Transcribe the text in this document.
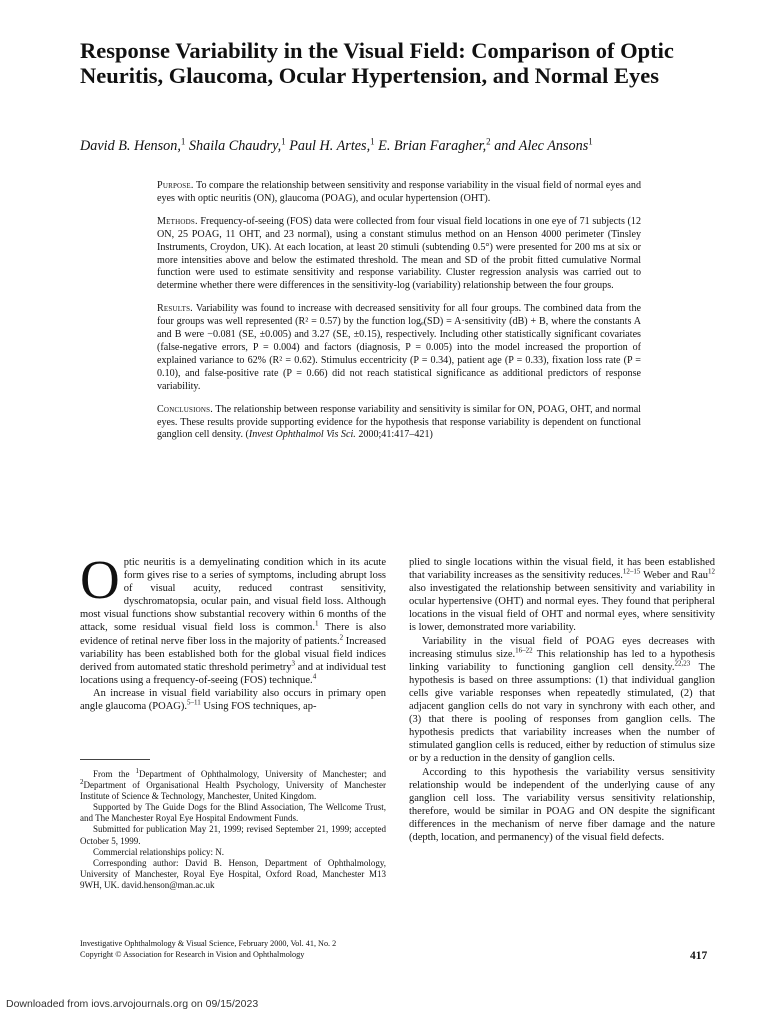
Response Variability in the Visual Field: Comparison of Optic Neuritis, Glaucoma, Ocular Hypertension, and Normal Eyes
David B. Henson,$^1$ Shaila Chaudry,$^1$ Paul H. Artes,$^1$ E. Brian Faragher,$^2$ and Alec Ansons$^1$

Purpose. To compare the relationship between sensitivity and response variability in the visual field of normal eyes and eyes with optic neuritis (ON), glaucoma (POAG), and ocular hypertension (OHT).

Methods. Frequency-of-seeing (FOS) data were collected from four visual field locations in one eye of 71 subjects (12 ON, 25 POAG, 11 OHT, and 23 normal), using a constant stimulus method on an Henson 4000 perimeter (Tinsley Instruments, Croydon, UK). At each location, at least 20 stimuli (subtending 0.5°) were presented for 200 ms at six or more intensities above and below the estimated threshold. The mean and SD of the probit fitted cumulative Normal function were used to estimate sensitivity and response variability. Cluster regression analysis was carried out to determine whether there were differences in the sensitivity-log (variability) relationship between the four groups.

Results. Variability was found to increase with decreased sensitivity for all four groups. The combined data from the four groups was well represented (R² = 0.57) by the function logₑ(SD) = A·sensitivity (dB) + B, where the constants A and B were −0.081 (SE, ±0.005) and 3.27 (SE, ±0.15), respectively. Including other statistically significant covariates (false-negative errors, P = 0.004) and factors (diagnosis, P = 0.005) into the model increased the proportion of explained variance to 62% (R² = 0.62). Stimulus eccentricity (P = 0.34), patient age (P = 0.33), fixation loss rate (P = 0.10), and false-positive rate (P = 0.66) did not reach statistical significance as additional predictors of response variability.

Conclusions. The relationship between response variability and sensitivity is similar for ON, POAG, OHT, and normal eyes. These results provide supporting evidence for the hypothesis that response variability is dependent on functional ganglion cell density. (Invest Ophthalmol Vis Sci. 2000;41:417–421)

Optic neuritis is a demyelinating condition which in its acute form gives rise to a series of symptoms, including abrupt loss of visual acuity, reduced contrast sensitivity, dyschromatopsia, ocular pain, and visual field loss. Although most visual functions show substantial recovery within 6 months of the attack, some residual visual field loss is common.$^1$ There is also evidence of retinal nerve fiber loss in the majority of patients.$^2$ Increased variability has been established both for the global visual field indices derived from automated static threshold perimetry$^3$ and at individual test locations using a frequency-of-seeing (FOS) technique.$^4$

An increase in visual field variability also occurs in primary open angle glaucoma (POAG).$^{5-11}$ Using FOS techniques, ap-

plied to single locations within the visual field, it has been established that variability increases as the sensitivity reduces.$^{12-15}$ Weber and Rau$^{12}$ also investigated the relationship between sensitivity and variability in ocular hypertensive (OHT) and normal eyes. They found that peripheral locations in the visual field of OHT and normal eyes, where sensitivity is lower, demonstrated more variability.

Variability in the visual field of POAG eyes decreases with increasing stimulus size.$^{16-22}$ This relationship has led to a hypothesis linking variability to functioning ganglion cell density.$^{22,23}$ The hypothesis is based on three assumptions: (1) that individual ganglion cells give variable responses when repeatedly stimulated, (2) that adjacent ganglion cells do not vary in synchrony with each other, and (3) that there is pooling of responses from ganglion cells. The hypothesis predicts that variability increases when the number of stimulated ganglion cells is reduced, either by reduction of stimulus size or by a reduction in the density of ganglion cells.

According to this hypothesis the variability versus sensitivity relationship would be independent of the underlying cause of any ganglion cell loss. The variability versus sensitivity relationship, therefore, would be similar in POAG and ON despite the significant differences in the mechanism of nerve fiber damage and the nature (depth, location, and permanency) of the visual field defects.

From the $^1$Department of Ophthalmology, University of Manchester; and $^2$Department of Organisational Health Psychology, University of Manchester Institute of Science & Technology, Manchester, United Kingdom.

Supported by The Guide Dogs for the Blind Association, The Wellcome Trust, and The Manchester Royal Eye Hospital Endowment Funds.

Submitted for publication May 21, 1999; revised September 21, 1999; accepted October 5, 1999.

Commercial relationships policy: N.

Corresponding author: David B. Henson, Department of Ophthalmology, University of Manchester, Royal Eye Hospital, Oxford Road, Manchester M13 9WH, UK. david.henson@man.ac.uk

Investigative Ophthalmology & Visual Science, February 2000, Vol. 41, No. 2
Copyright © Association for Research in Vision and Ophthalmology	417
Downloaded from iovs.arvojournals.org on 09/15/2023
